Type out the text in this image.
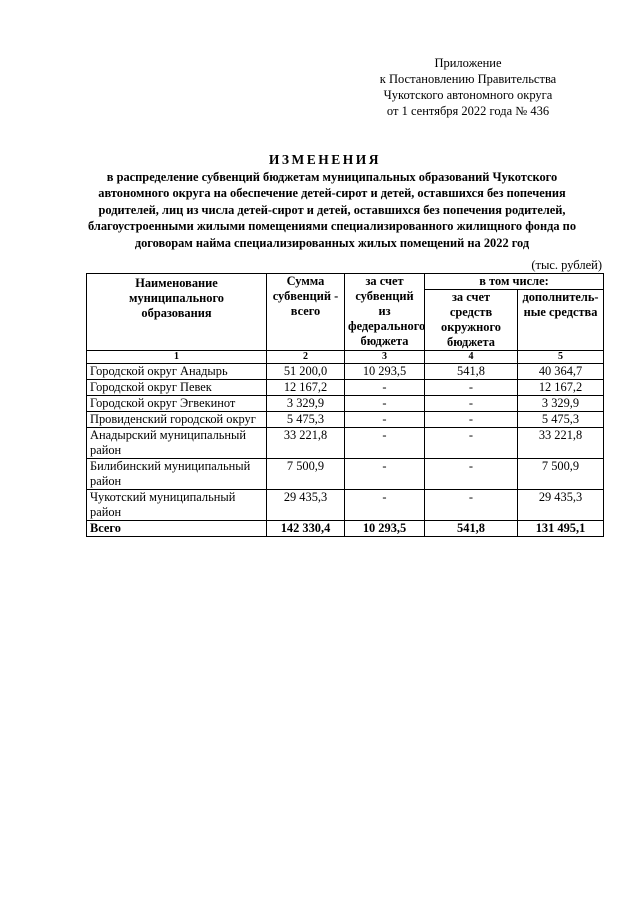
Приложение
к Постановлению Правительства
Чукотского автономного округа
от 1 сентября 2022 года № 436
ИЗМЕНЕНИЯ
в распределение субвенций бюджетам муниципальных образований Чукотского
автономного округа на обеспечение детей-сирот и детей, оставшихся без попечения
родителей, лиц из числа детей-сирот и детей, оставшихся без попечения родителей,
благоустроенными жилыми помещениями специализированного жилищного фонда по
договорам найма специализированных жилых помещений на 2022 год
(тыс. рублей)
Наименование муниципального образования	Сумма субвенций - всего	за счет субвенций из федерального бюджета	в том числе:	
			за счет средств окружного бюджета	дополнитель-ные средства
1	2	3	4	5
Городской округ Анадырь	51 200,0	10 293,5	541,8	40 364,7
Городской округ Певек	12 167,2	-	-	12 167,2
Городской округ Эгвекинот	3 329,9	-	-	3 329,9
Провиденский городской округ	5 475,3	-	-	5 475,3
Анадырский муниципальный район	33 221,8	-	-	33 221,8
Билибинский муниципальный район	7 500,9	-	-	7 500,9
Чукотский муниципальный район	29 435,3	-	-	29 435,3
Всего	142 330,4	10 293,5	541,8	131 495,1
